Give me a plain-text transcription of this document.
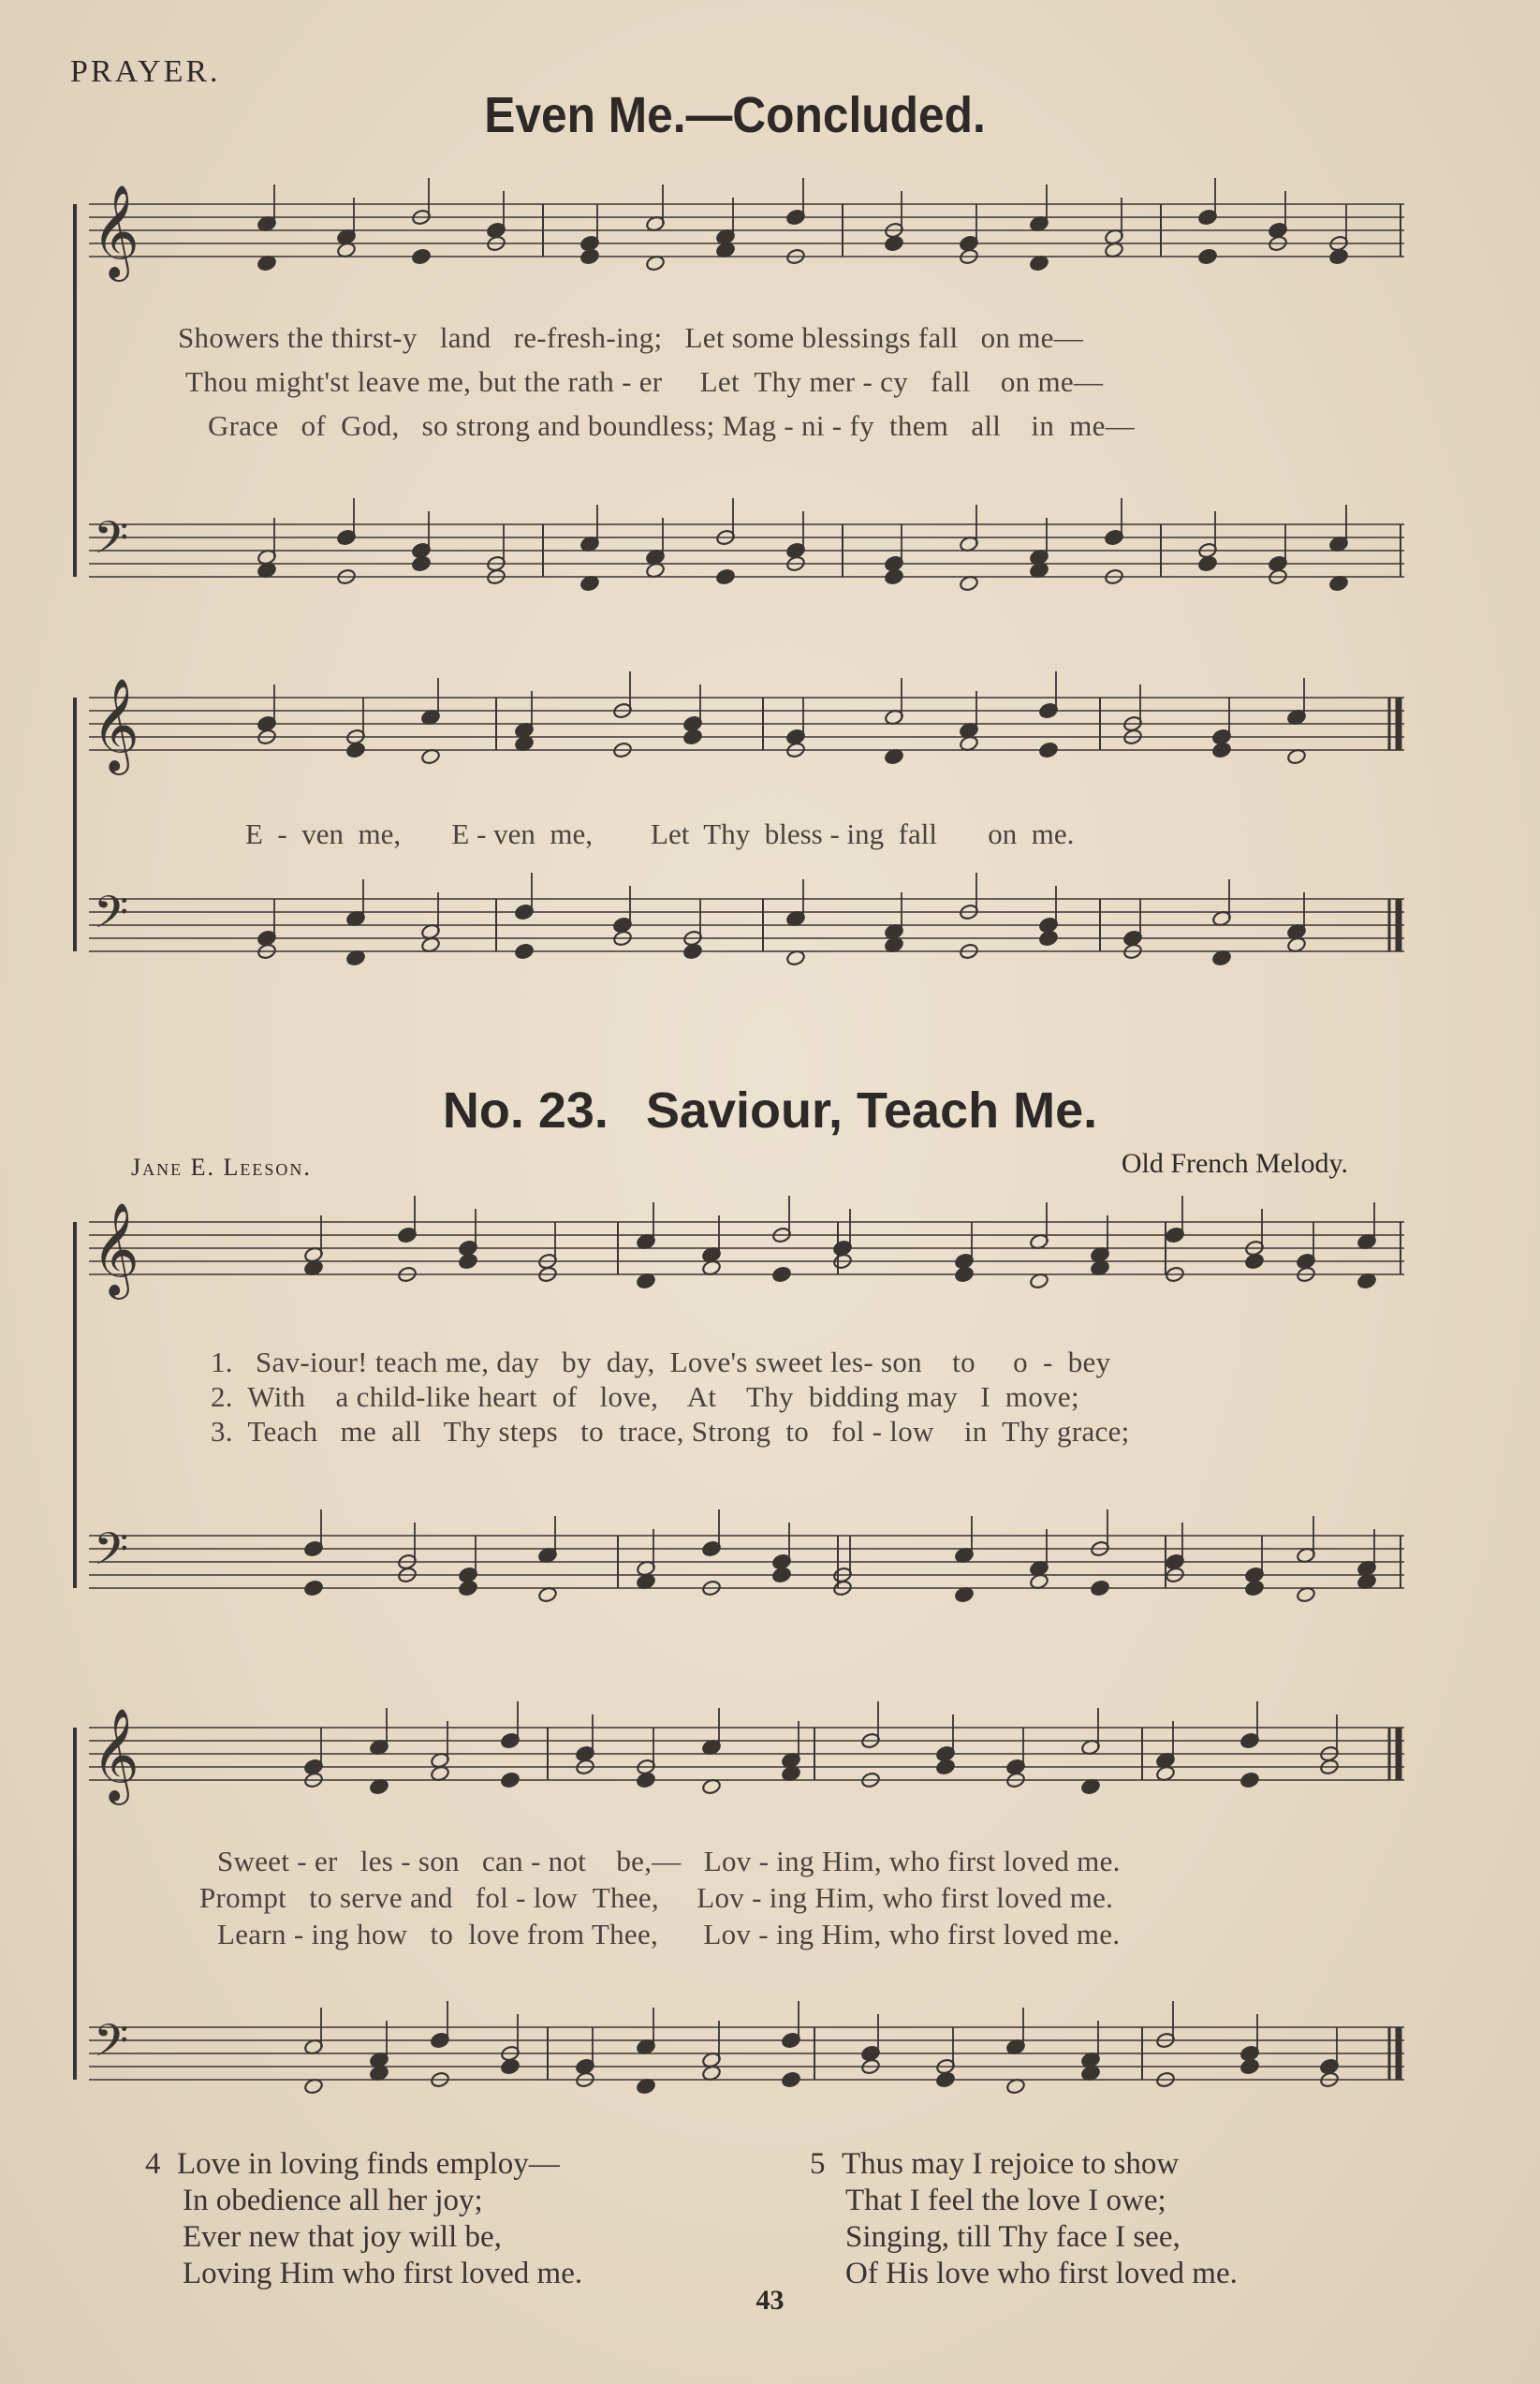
PRAYER.
Even Me.—Concluded.
𝄞
𝄢
𝄞
𝄢
𝄞
𝄢
𝄞
𝄢
Showers the thirst-y   land   re-fresh-ing;   Let some blessings fall   on me—
Thou might'st leave me, but the rath - er     Let  Thy mer - cy   fall    on me—
Grace   of  God,   so strong and boundless; Mag - ni - fy  them   all    in  me—
E  -  ven  me,       E - ven  me,        Let  Thy  bless - ing  fall       on  me.
No. 23. Saviour, Teach Me.
Jane E. Leeson.	Old French Melody.
1.   Sav-iour! teach me, day   by  day,  Love's sweet les- son    to     o  -  bey
2.  With    a child-like heart  of   love,    At    Thy  bidding may   I  move;
3.  Teach   me  all   Thy steps   to  trace, Strong  to   fol - low    in  Thy grace;
Sweet - er   les - son   can - not    be,—   Lov - ing Him, who first loved me.
Prompt   to serve and   fol - low  Thee,     Lov - ing Him, who first loved me.
Learn - ing how   to  love from Thee,      Lov - ing Him, who first loved me.
4 Love in loving finds employ—
In obedience all her joy;
Ever new that joy will be,
Loving Him who first loved me.
5 Thus may I rejoice to show
That I feel the love I owe;
Singing, till Thy face I see,
Of His love who first loved me.
43
